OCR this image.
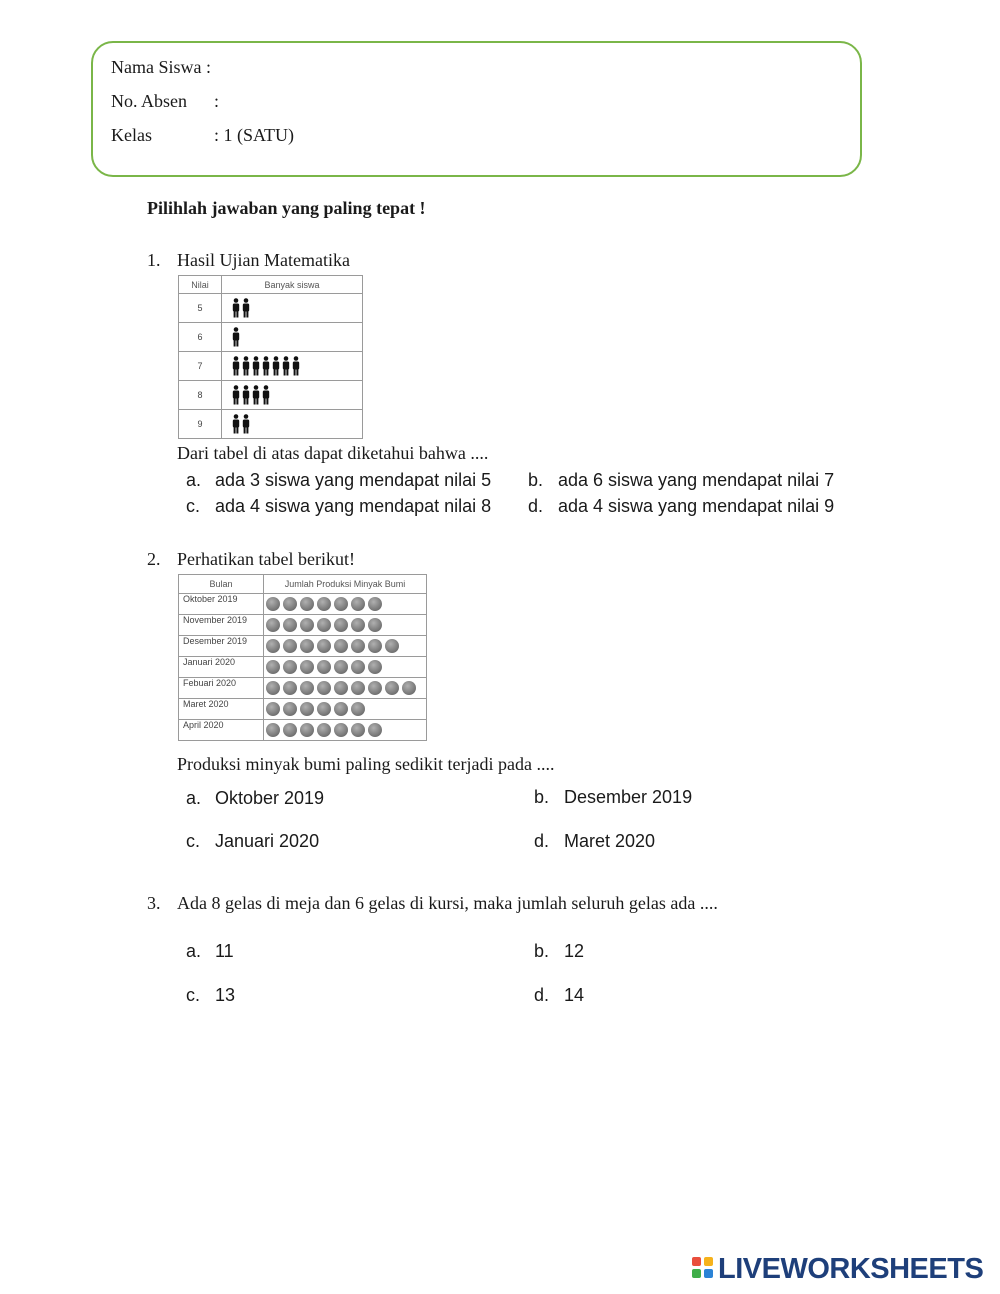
Nama Siswa :
No. Absen :
Kelas	: 1 (SATU)
Pilihlah jawaban yang paling tepat !
1. Hasil Ujian Matematika
Nilai	Banyak siswa
5	
6	
7	
8	
9	
Dari tabel di atas dapat diketahui bahwa ....
a. ada 3 siswa yang mendapat nilai 5 b. ada 6 siswa yang mendapat nilai 7
c. ada 4 siswa yang mendapat nilai 8 d. ada 4 siswa yang mendapat nilai 9
2. Perhatikan tabel berikut!
Bulan	Jumlah Produksi Minyak Bumi
Oktober 2019	
November 2019	
Desember 2019	
Januari 2020	
Febuari 2020	
Maret 2020	
April 2020	
Produksi minyak bumi paling sedikit terjadi pada ....
a. Oktober 2019	b. Desember 2019
c. Januari 2020	d. Maret 2020
3. Ada 8 gelas di meja dan 6 gelas di kursi, maka jumlah seluruh gelas ada ....
a. 11	b. 12
c. 13	d. 14
LIVEWORKSHEETS
